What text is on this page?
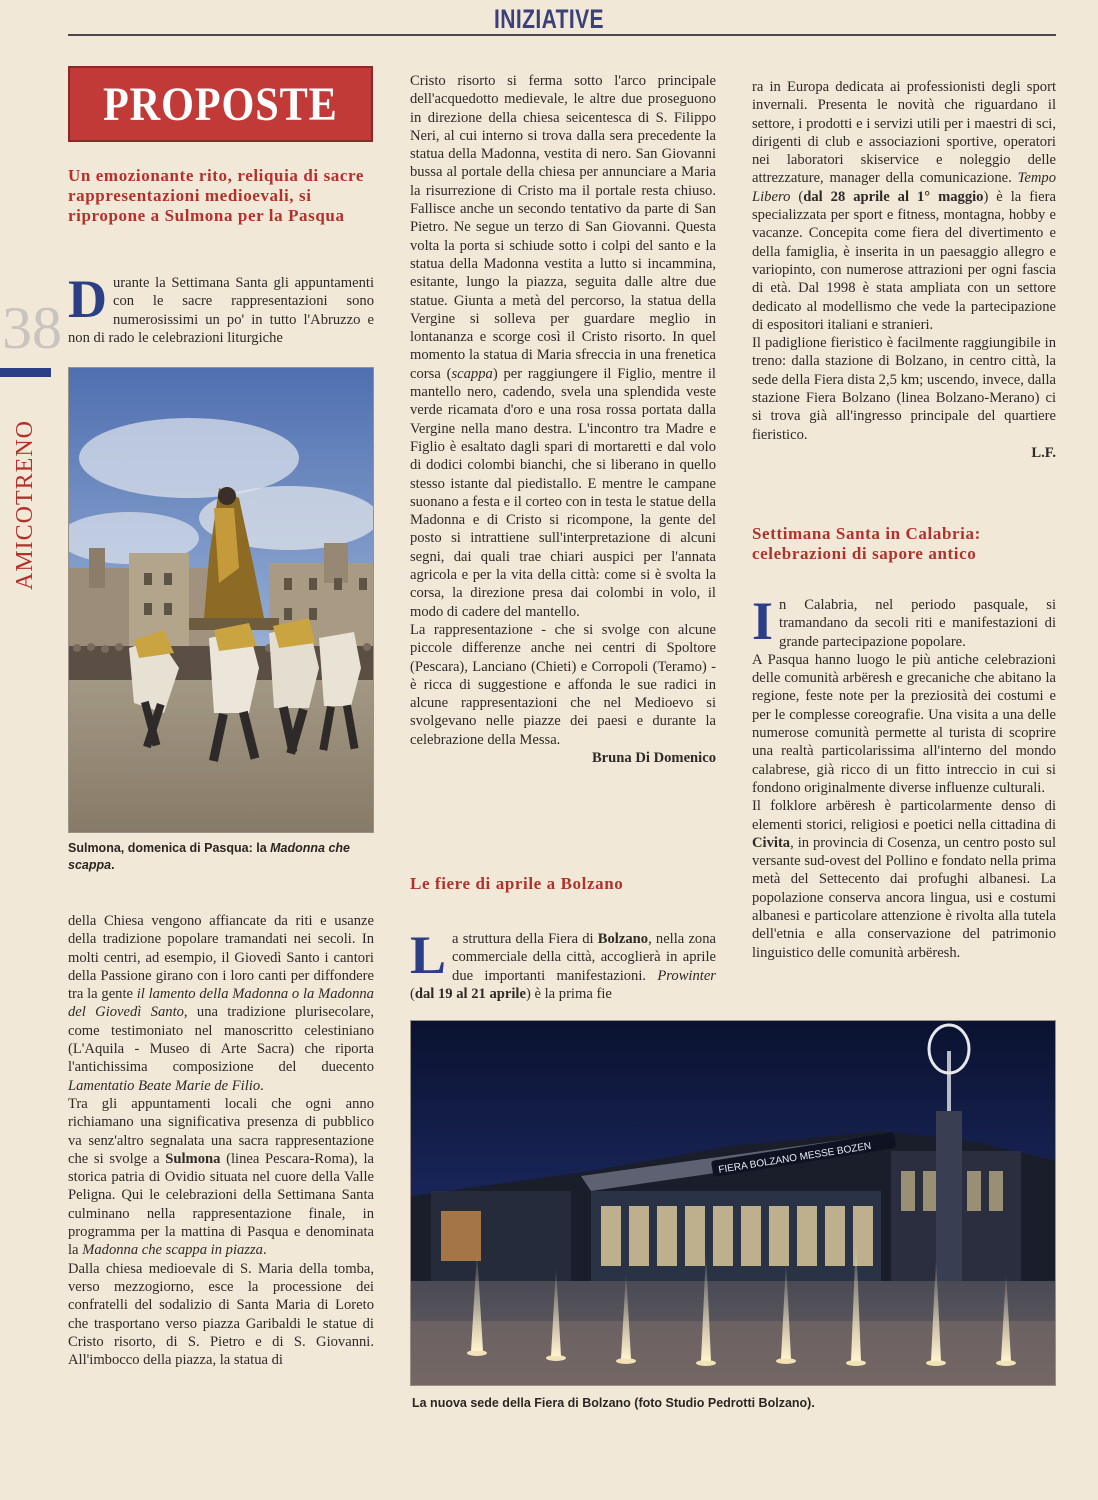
INIZIATIVE
38
AMICOTRENO
PROPOSTE
Un emozionante rito, reliquia di sacre rappresentazioni medioevali, si ripropone a Sulmona per la Pasqua
Durante la Settimana Santa gli appuntamenti con le sacre rappresentazioni sono numerosissimi un po' in tutto l'Abruzzo e non di rado le celebrazioni liturgiche
Sulmona, domenica di Pasqua: la Madonna che scappa.

della Chiesa vengono affiancate da riti e usanze della tradizione popolare tramandati nei secoli. In molti centri, ad esempio, il Giovedì Santo i cantori della Passione girano con i loro canti per diffondere tra la gente il lamento della Madonna o la Madonna del Giovedì Santo, una tradizione plurisecolare, come testimoniato nel manoscritto celestiniano (L'Aquila - Museo di Arte Sacra) che riporta l'antichissima composizione del duecento Lamentatio Beate Marie de Filio.

Tra gli appuntamenti locali che ogni anno richiamano una significativa presenza di pubblico va senz'altro segnalata una sacra rappresentazione che si svolge a Sulmona (linea Pescara-Roma), la storica patria di Ovidio situata nel cuore della Valle Peligna. Qui le celebrazioni della Settimana Santa culminano nella rappresentazione finale, in programma per la mattina di Pasqua e denominata la Madonna che scappa in piazza.

Dalla chiesa medioevale di S. Maria della tomba, verso mezzogiorno, esce la processione dei confratelli del sodalizio di Santa Maria di Loreto che trasportano verso piazza Garibaldi le statue di Cristo risorto, di S. Pietro e di S. Giovanni. All'imbocco della piazza, la statua di

Cristo risorto si ferma sotto l'arco principale dell'acquedotto medievale, le altre due proseguono in direzione della chiesa seicentesca di S. Filippo Neri, al cui interno si trova dalla sera precedente la statua della Madonna, vestita di nero. San Giovanni bussa al portale della chiesa per annunciare a Maria la risurrezione di Cristo ma il portale resta chiuso. Fallisce anche un secondo tentativo da parte di San Pietro. Ne segue un terzo di San Giovanni. Questa volta la porta si schiude sotto i colpi del santo e la statua della Madonna vestita a lutto si incammina, esitante, lungo la piazza, seguita dalle altre due statue. Giunta a metà del percorso, la statua della Vergine si solleva per guardare meglio in lontananza e scorge così il Cristo risorto. In quel momento la statua di Maria sfreccia in una frenetica corsa (scappa) per raggiungere il Figlio, mentre il mantello nero, cadendo, svela una splendida veste verde ricamata d'oro e una rosa rossa portata dalla Vergine nella mano destra. L'incontro tra Madre e Figlio è esaltato dagli spari di mortaretti e dal volo di dodici colombi bianchi, che si liberano in quello stesso istante dal piedistallo. E mentre le campane suonano a festa e il corteo con in testa le statue della Madonna e di Cristo si ricompone, la gente del posto si intrattiene sull'interpretazione di alcuni segni, dai quali trae chiari auspici per l'annata agricola e per la vita della città: come si è svolta la corsa, la direzione presa dai colombi in volo, il modo di cadere del mantello.

La rappresentazione - che si svolge con alcune piccole differenze anche nei centri di Spoltore (Pescara), Lanciano (Chieti) e Corropoli (Teramo) - è ricca di suggestione e affonda le sue radici in alcune rappresentazioni che nel Medioevo si svolgevano nelle piazze dei paesi e durante la celebrazione della Messa.

Bruna Di Domenico

Le fiere di aprile a Bolzano
La struttura della Fiera di Bolzano, nella zona commerciale della città, accoglierà in aprile due importanti manifestazioni. Prowinter (dal 19 al 21 aprile) è la prima fie

ra in Europa dedicata ai professionisti degli sport invernali. Presenta le novità che riguardano il settore, i prodotti e i servizi utili per i maestri di sci, dirigenti di club e associazioni sportive, operatori nei laboratori skiservice e noleggio delle attrezzature, manager della comunicazione. Tempo Libero (dal 28 aprile al 1° maggio) è la fiera specializzata per sport e fitness, montagna, hobby e vacanze. Concepita come fiera del divertimento e della famiglia, è inserita in un paesaggio allegro e variopinto, con numerose attrazioni per ogni fascia di età. Dal 1998 è stata ampliata con un settore dedicato al modellismo che vede la partecipazione di espositori italiani e stranieri.

Il padiglione fieristico è facilmente raggiungibile in treno: dalla stazione di Bolzano, in centro città, la sede della Fiera dista 2,5 km; uscendo, invece, dalla stazione Fiera Bolzano (linea Bolzano-Merano) ci si trova già all'ingresso principale del quartiere fieristico.

L.F.

Settimana Santa in Calabria: celebrazioni di sapore antico

In Calabria, nel periodo pasquale, si tramandano da secoli riti e manifestazioni di grande partecipazione popolare.

A Pasqua hanno luogo le più antiche celebrazioni delle comunità arbëresh e grecaniche che abitano la regione, feste note per la preziosità dei costumi e per le complesse coreografie. Una visita a una delle numerose comunità permette al turista di scoprire una realtà particolarissima all'interno del mondo calabrese, già ricco di un fitto intreccio in cui si fondono originalmente diverse influenze culturali.

Il folklore arbëresh è particolarmente denso di elementi storici, religiosi e poetici nella cittadina di Civita, in provincia di Cosenza, un centro posto sul versante sud-ovest del Pollino e fondato nella prima metà del Settecento dai profughi albanesi. La popolazione conserva ancora lingua, usi e costumi albanesi e particolare attenzione è rivolta alla tutela dell'etnia e alla conservazione del patrimonio linguistico delle comunità arbëresh.

FIERA BOLZANO MESSE BOZEN
La nuova sede della Fiera di Bolzano (foto Studio Pedrotti Bolzano).
